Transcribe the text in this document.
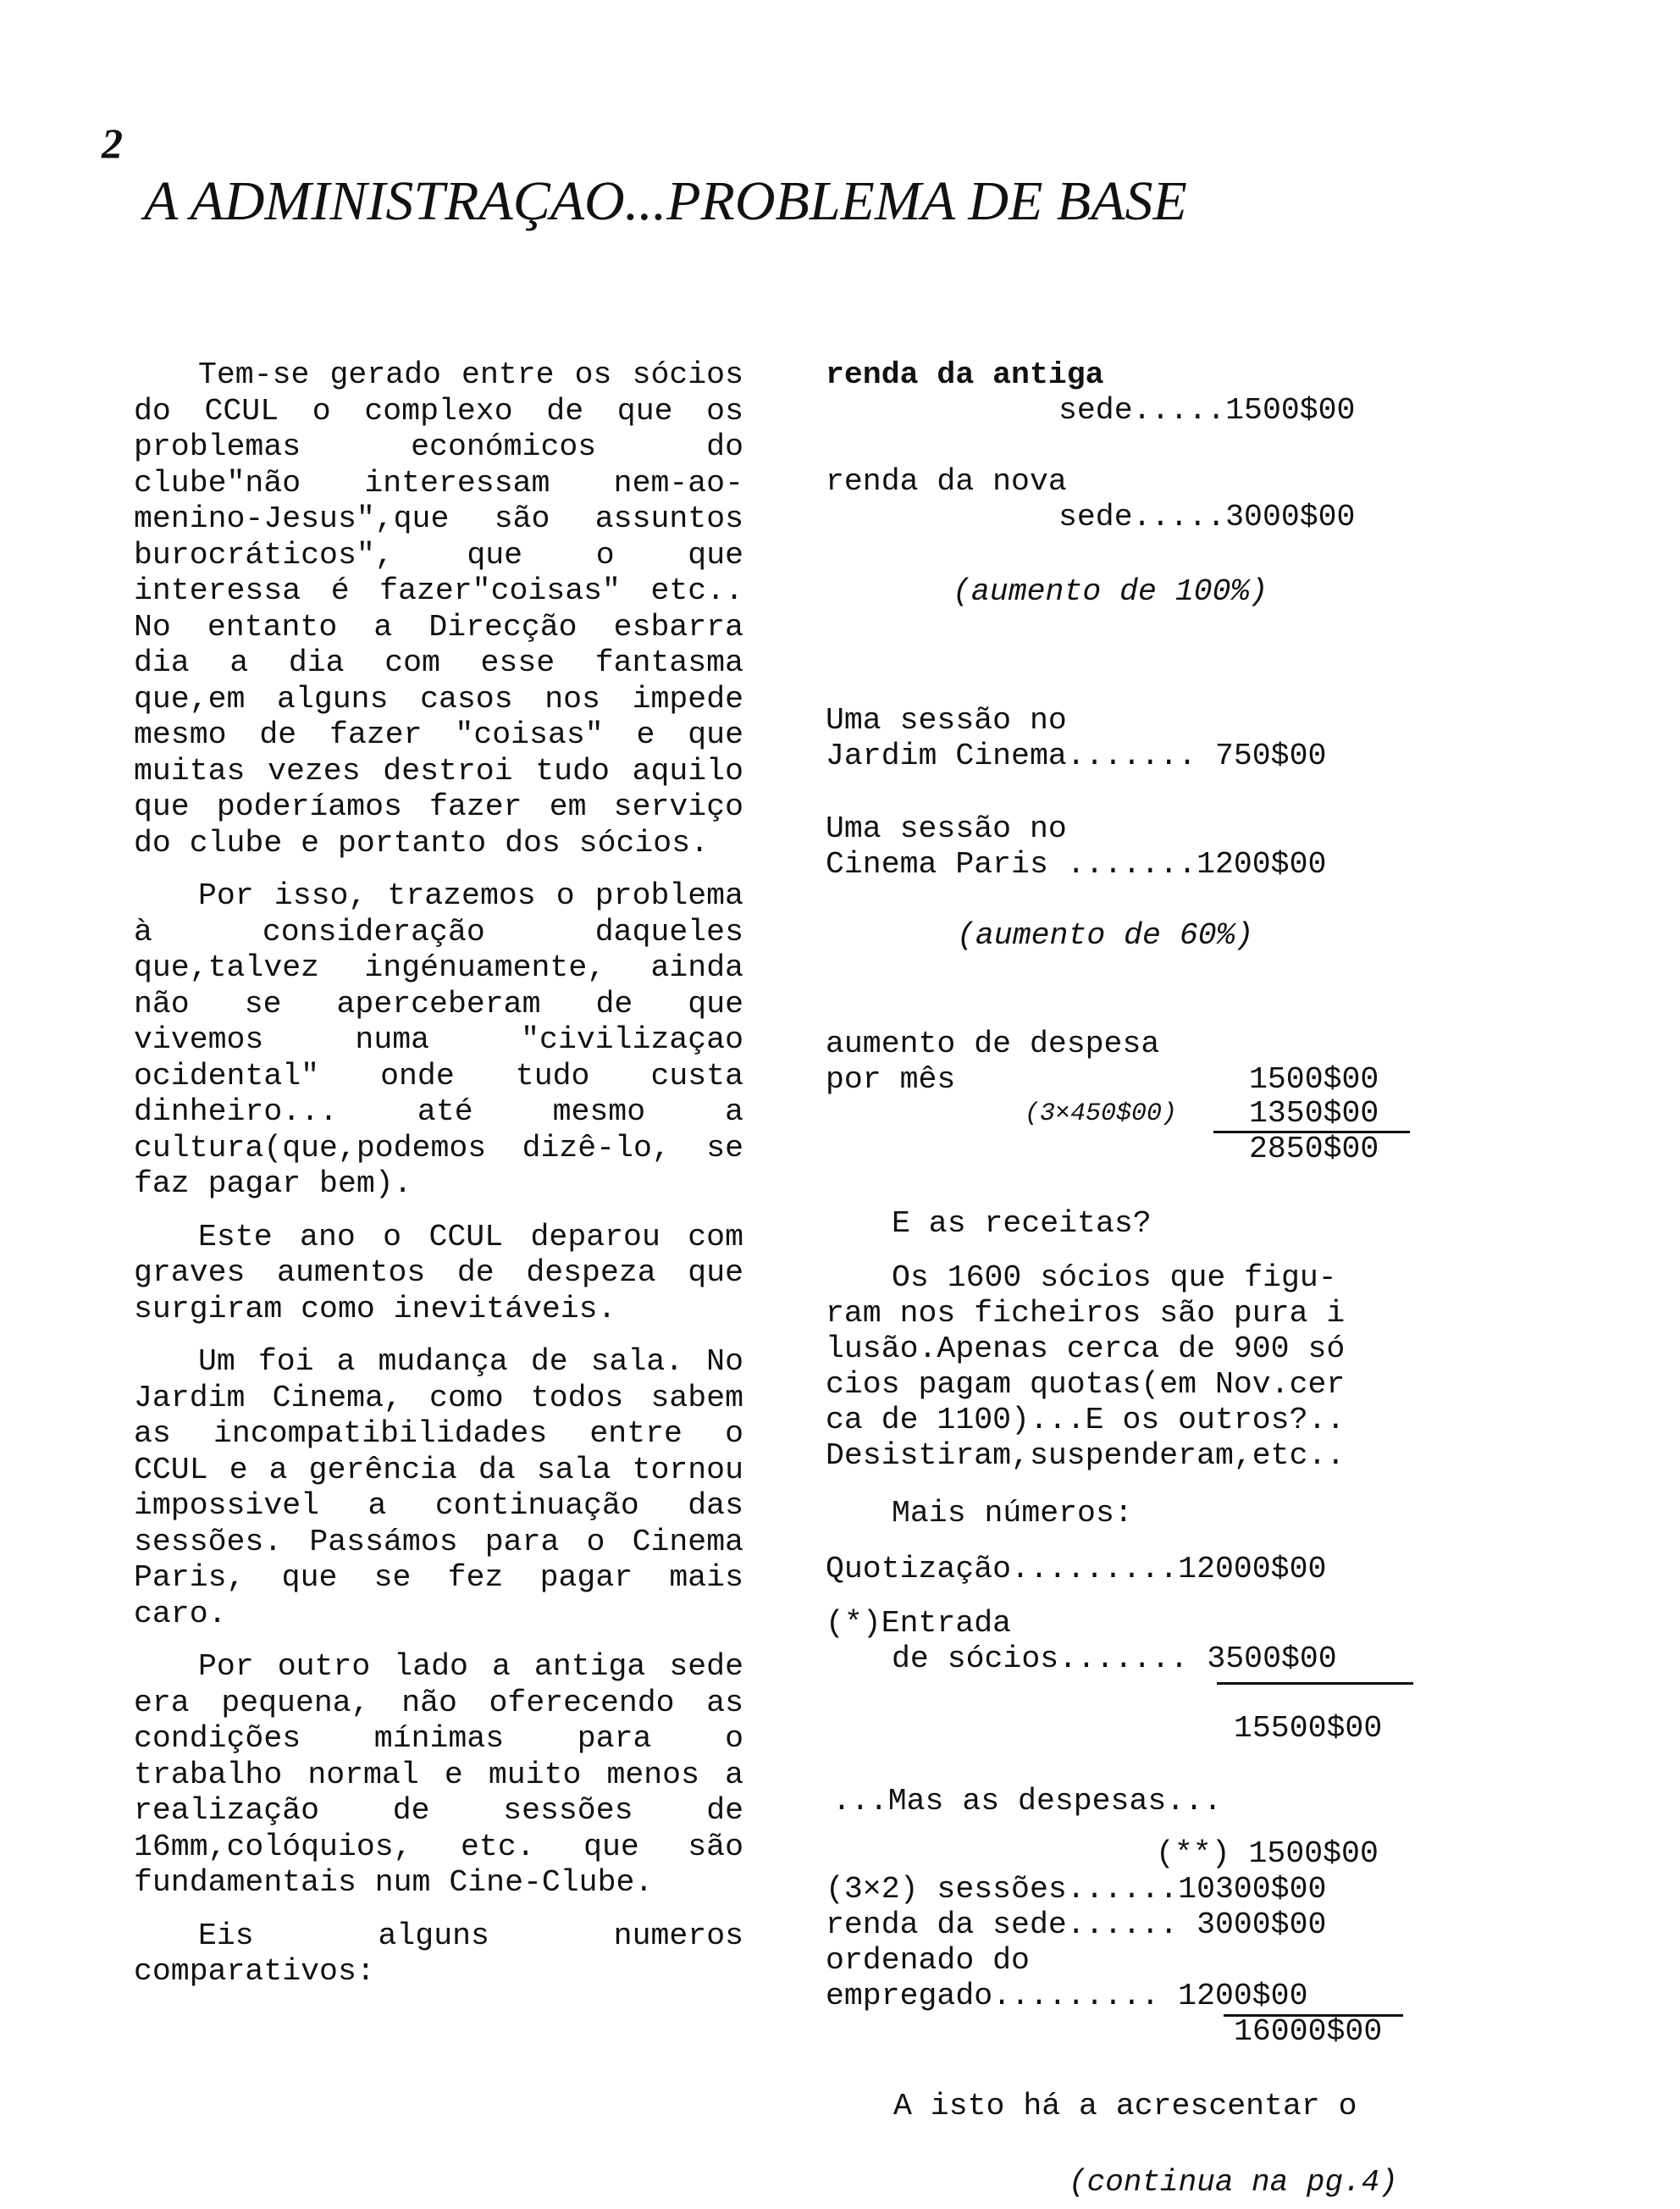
2
A ADMINISTRAÇAO...PROBLEMA DE BASE

Tem-se gerado entre os sócios do CCUL o complexo de que os problemas económicos do clube"não interessam nem-ao-menino-Jesus",que são assuntos burocráticos", que o que interessa é fazer"coisas" etc.. No entanto a Direcção esbarra dia a dia com esse fantasma que,em alguns casos nos impede mesmo de fazer "coisas" e que muitas vezes destroi tudo aquilo que poderíamos fazer em serviço do clube e portanto dos sócios.

Por isso, trazemos o problema à consideração daqueles que,talvez ingénuamente, ainda não se aperceberam de que vivemos numa "civilizaçao ocidental" onde tudo custa dinheiro... até mesmo a cultura(que,podemos dizê-lo, se faz pagar bem).

Este ano o CCUL deparou com graves aumentos de despeza que surgiram como inevitáveis.

Um foi a mudança de sala. No Jardim Cinema, como todos sabem as incompatibilidades entre o CCUL e a gerência da sala tornou impossivel a continuação das sessões. Passámos para o Cinema Paris, que se fez pagar mais caro.

Por outro lado a antiga sede era pequena, não oferecendo as condições mínimas para o trabalho normal e muito menos a realização de sessões de 16mm,colóquios, etc. que são fundamentais num Cine-Clube.

Eis alguns numeros comparativos:

renda da antiga
sede.....1500$00
renda da nova
sede.....3000$00
(aumento de 100%)
Uma sessão no
Jardim Cinema....... 750$00
Uma sessão no
Cinema Paris .......1200$00
(aumento de 60%)
aumento de despesa
por mês	1500$00
(3×450$00) 1350$00
2850$00
E as receitas?
Os 1600 sócios que figu-
ram nos ficheiros são pura i
lusão.Apenas cerca de 900 só
cios pagam quotas(em Nov.cer
ca de 1100)...E os outros?..
Desistiram,suspenderam,etc..
Mais números:
Quotização.........12000$00
(*)Entrada
de sócios....... 3500$00
15500$00
...Mas as despesas...
(**) 1500$00
(3×2) sessões......10300$00
renda da sede...... 3000$00
ordenado do
empregado......... 1200$00
16000$00
A isto há a acrescentar o
(continua na pg.4)
